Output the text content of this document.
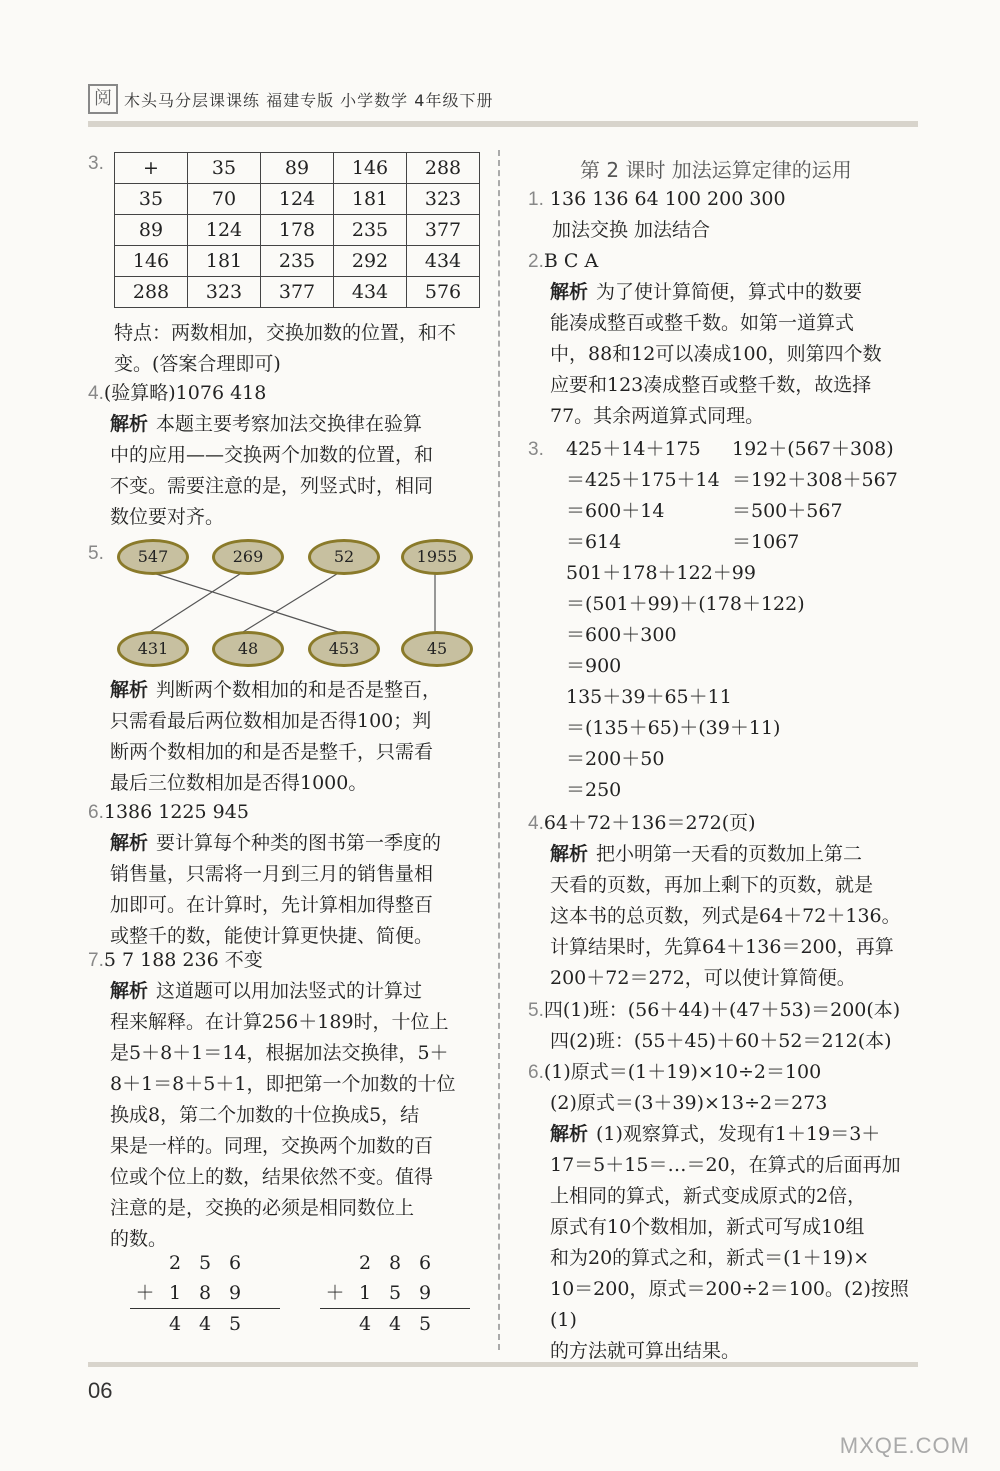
阅 木头马分层课课练 福建专版 小学数学 4年级下册
3. +	35	89	146	288
35	70	124	181	323
89	124	178	235	377
146	181	235	292	434
288	323	377	434	576

特点：两数相加，交换加数的位置，和不

变。(答案合理即可)

4.(验算略)1076 418

解析 本题主要考察加法交换律在验算

中的应用——交换两个加数的位置，和

不变。需要注意的是，列竖式时，相同

数位要对齐。

5.	547	269	52	1955
431	48	453	45

解析 判断两个数相加的和是否是整百，

只需看最后两位数相加是否得100；判

断两个数相加的和是否是整千，只需看

最后三位数相加是否得1000。

6.1386 1225 945

解析 要计算每个种类的图书第一季度的

销售量，只需将一月到三月的销售量相

加即可。在计算时，先计算相加得整百

或整千的数，能使计算更快捷、简便。

7.5 7 188 236 不变

解析 这道题可以用加法竖式的计算过

程来解释。在计算256＋189时，十位上

是5＋8＋1＝14，根据加法交换律，5＋

8＋1＝8＋5＋1，即把第一个加数的十位

换成8，第二个加数的十位换成5，结

果是一样的。同理，交换两个加数的百

位或个位上的数，结果依然不变。值得

注意的是，交换的必须是相同数位上

的数。

2 5 6
＋ 1 8 9
4 4 5
2 8 6
＋ 1 5 9
4 4 5
第 2 课时 加法运算定律的运用

1. 136 136 64 100 200 300

加法交换 加法结合

2.B C A

解析 为了使计算简便，算式中的数要

能凑成整百或整千数。如第一道算式

中，88和12可以凑成100，则第四个数

应要和123凑成整百或整千数，故选择

77。其余两道算式同理。

3. 425＋14＋175

＝425＋175＋14

＝600＋14

＝614

192＋(567＋308)

＝192＋308＋567

＝500＋567

＝1067

501＋178＋122＋99

＝(501＋99)＋(178＋122)

＝600＋300

＝900

135＋39＋65＋11

＝(135＋65)＋(39＋11)

＝200＋50

＝250

4.64＋72＋136＝272(页)

解析 把小明第一天看的页数加上第二

天看的页数，再加上剩下的页数，就是

这本书的总页数，列式是64＋72＋136。

计算结果时，先算64＋136＝200，再算

200＋72＝272，可以使计算简便。

5.四(1)班：(56＋44)＋(47＋53)＝200(本)

四(2)班：(55＋45)＋60＋52＝212(本)

6.(1)原式＝(1＋19)×10÷2＝100

(2)原式＝(3＋39)×13÷2＝273

解析 (1)观察算式，发现有1＋19＝3＋

17＝5＋15＝…＝20，在算式的后面再加

上相同的算式，新式变成原式的2倍，

原式有10个数相加，新式可写成10组

和为20的算式之和，新式＝(1＋19)×

10＝200，原式＝200÷2＝100。(2)按照(1)

的方法就可算出结果。

06
MXQE.COM
